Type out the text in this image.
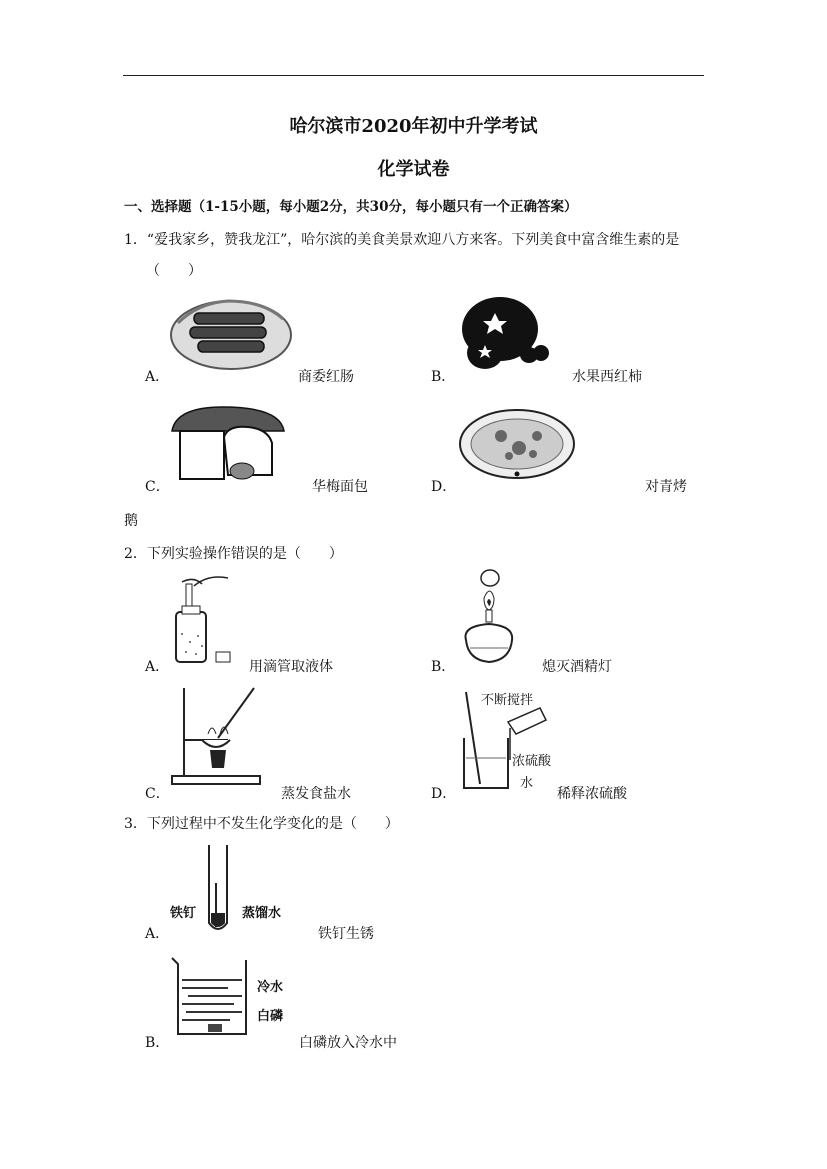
哈尔滨市2020年初中升学考试
化学试卷
一、选择题（1-15小题，每小题2分，共30分，每小题只有一个正确答案）
1．“爱我家乡，赞我龙江”，哈尔滨的美食美景欢迎八方来客。下列美食中富含维生素的是
（　　）
A．	商委红肠	B．	水果西红柿
C．	华梅面包	D．	对青烤
鹅
2．下列实验操作错误的是（　　）
A．	用滴管取液体	B．	熄灭酒精灯
C．	蒸发食盐水
不断搅拌
浓硫酸
水
D．	稀释浓硫酸
3．下列过程中不发生化学变化的是（　　）
铁钉	蒸馏水
A．	铁钉生锈
冷水
白磷
B．	白磷放入冷水中
